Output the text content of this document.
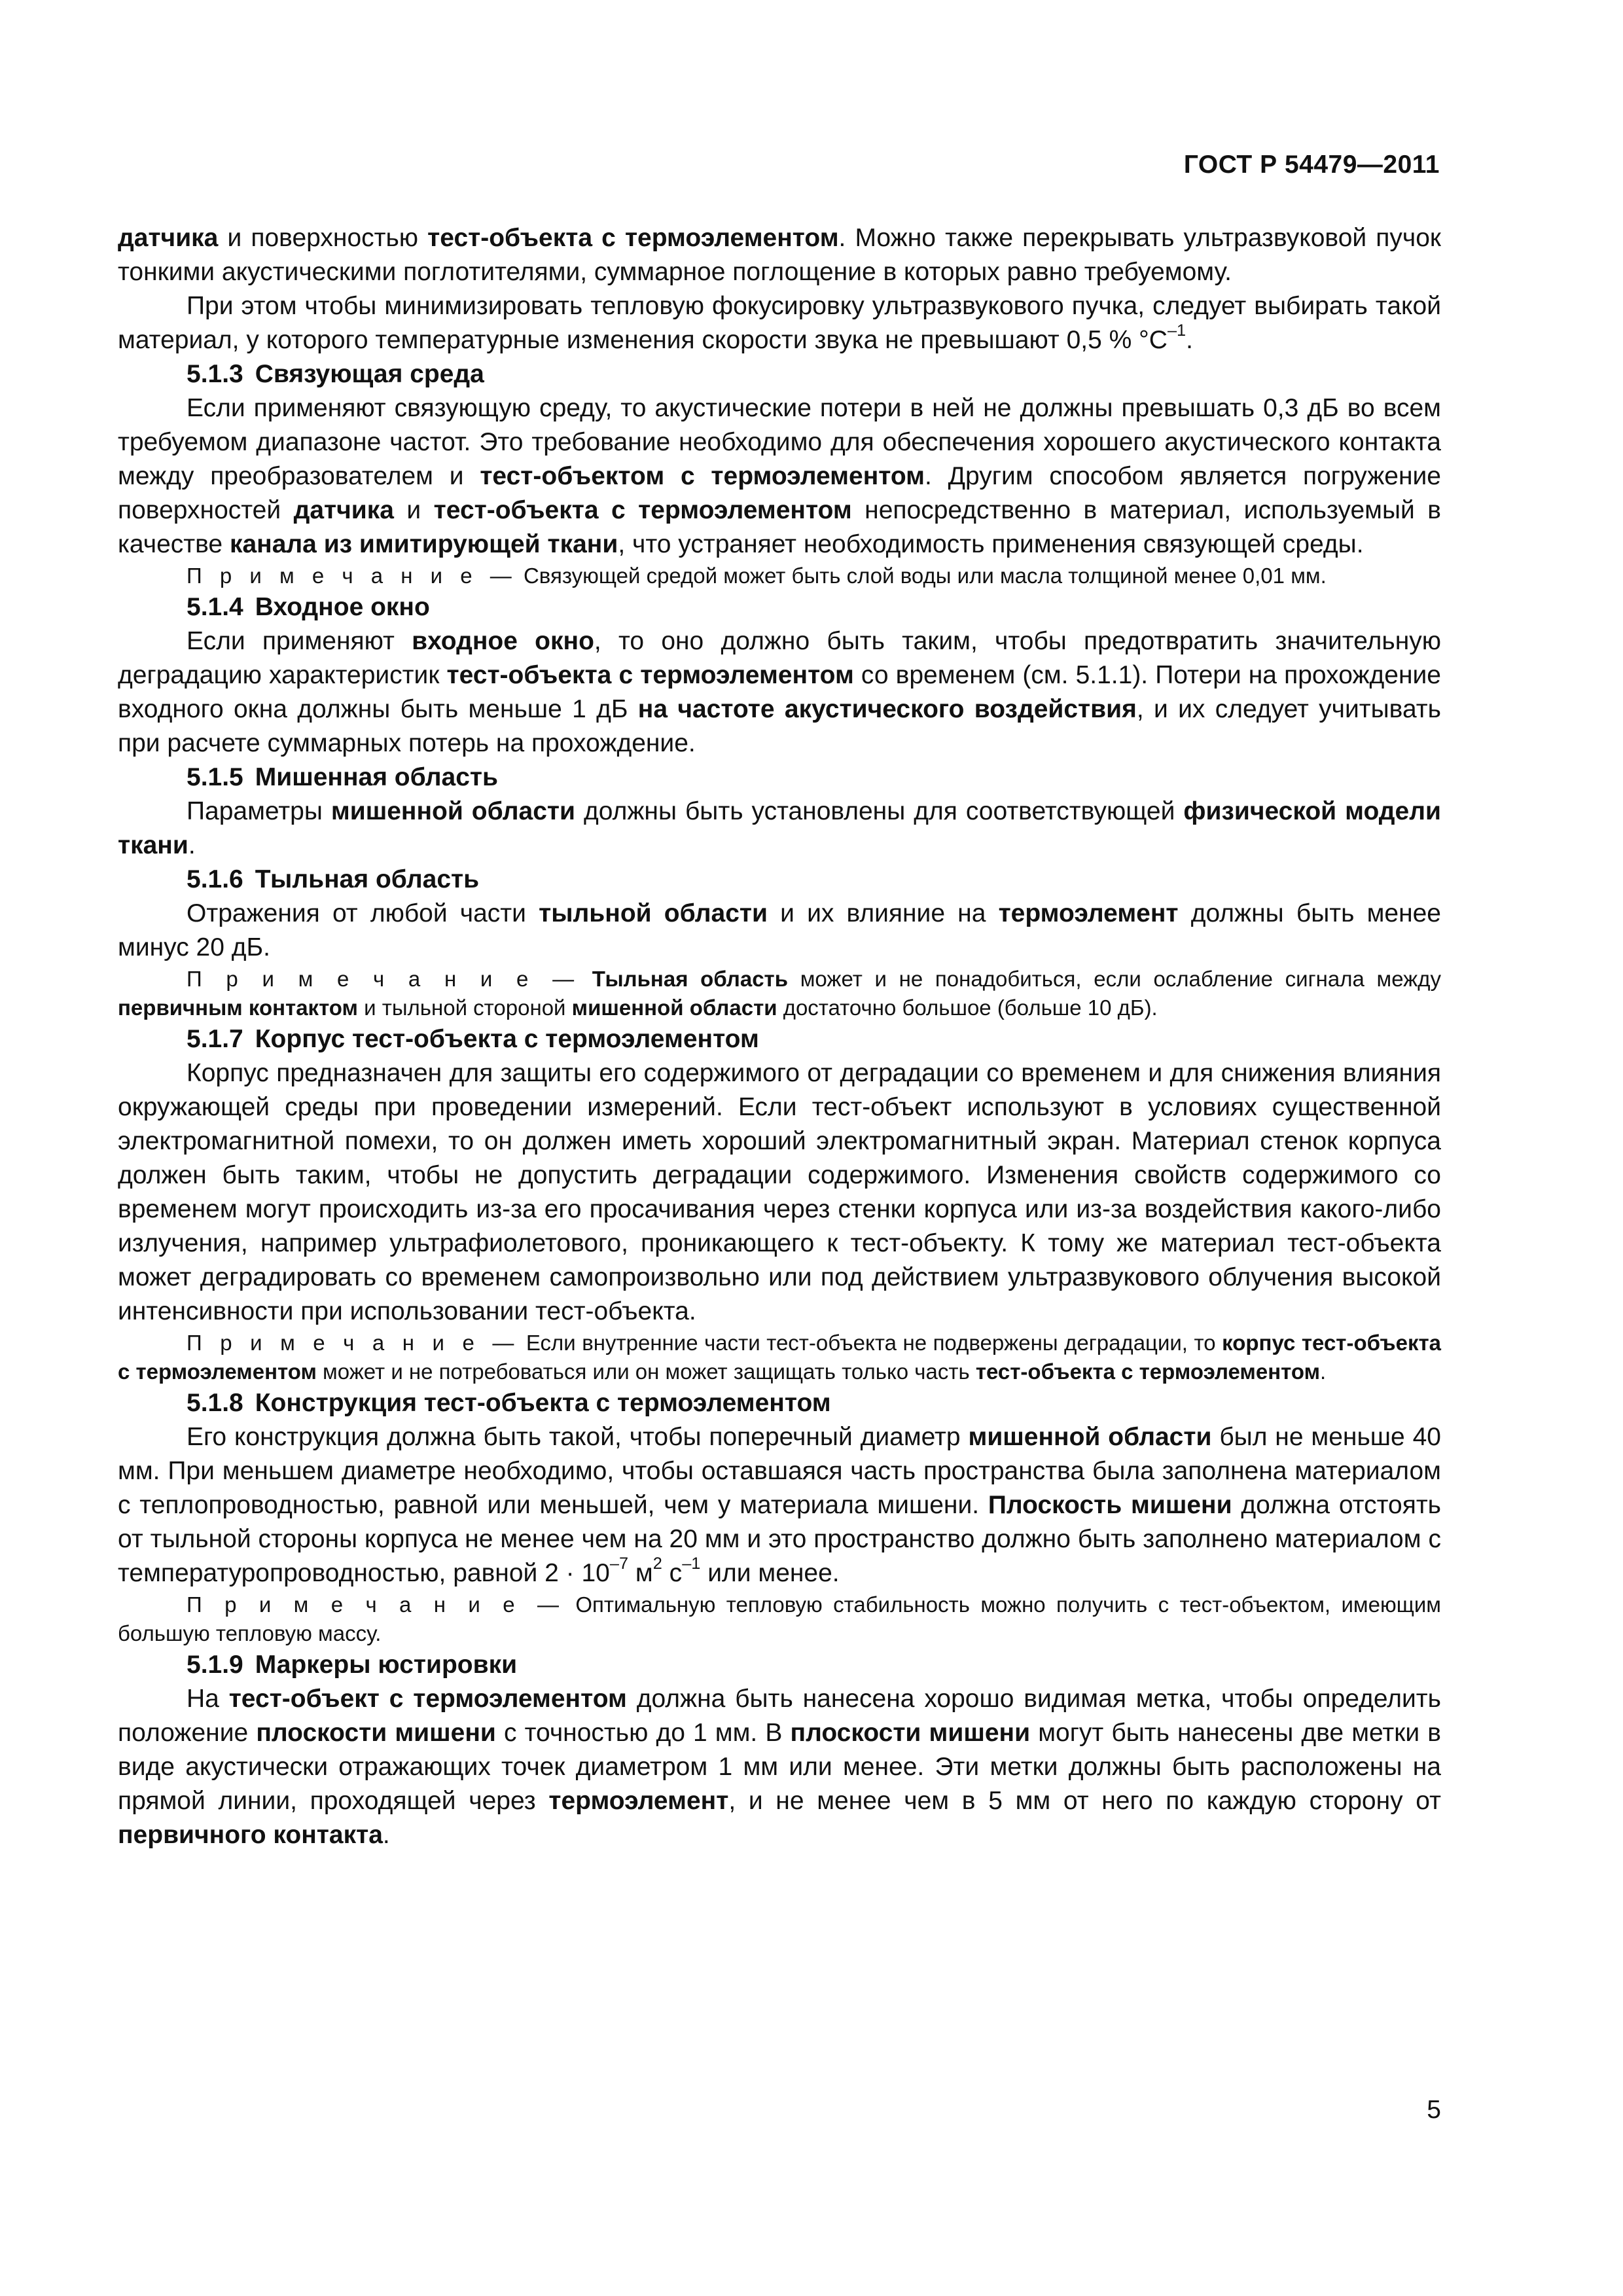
ГОСТ Р 54479—2011

датчика и поверхностью тест-объекта с термоэлементом. Можно также перекрывать ультразвуковой пучок тонкими акустическими поглотителями, суммарное поглощение в которых равно требуемому.

При этом чтобы минимизировать тепловую фокусировку ультразвукового пучка, следует выбирать такой материал, у которого температурные изменения скорости звука не превышают 0,5 % $^\circ C^{-1}$.

5.1.3 Связующая среда

Если применяют связующую среду, то акустические потери в ней не должны превышать 0,3 дБ во всем требуемом диапазоне частот. Это требование необходимо для обеспечения хорошего акустического контакта между преобразователем и тест-объектом с термоэлементом. Другим способом является погружение поверхностей датчика и тест-объекта с термоэлементом непосредственно в материал, используемый в качестве канала из имитирующей ткани, что устраняет необходимость применения связующей среды.

П р и м е ч а н и е — Связующей средой может быть слой воды или масла толщиной менее 0,01 мм.

5.1.4 Входное окно

Если применяют входное окно, то оно должно быть таким, чтобы предотвратить значительную деградацию характеристик тест-объекта с термоэлементом со временем (см. 5.1.1). Потери на прохождение входного окна должны быть меньше 1 дБ на частоте акустического воздействия, и их следует учитывать при расчете суммарных потерь на прохождение.

5.1.5 Мишенная область

Параметры мишенной области должны быть установлены для соответствующей физической модели ткани.

5.1.6 Тыльная область

Отражения от любой части тыльной области и их влияние на термоэлемент должны быть менее минус 20 дБ.

П р и м е ч а н и е — Тыльная область может и не понадобиться, если ослабление сигнала между первичным контактом и тыльной стороной мишенной области достаточно большое (больше 10 дБ).

5.1.7 Корпус тест-объекта с термоэлементом

Корпус предназначен для защиты его содержимого от деградации со временем и для снижения влияния окружающей среды при проведении измерений. Если тест-объект используют в условиях существенной электромагнитной помехи, то он должен иметь хороший электромагнитный экран. Материал стенок корпуса должен быть таким, чтобы не допустить деградации содержимого. Изменения свойств содержимого со временем могут происходить из-за его просачивания через стенки корпуса или из-за воздействия какого-либо излучения, например ультрафиолетового, проникающего к тест-объекту. К тому же материал тест-объекта может деградировать со временем самопроизвольно или под действием ультразвукового облучения высокой интенсивности при использовании тест-объекта.

П р и м е ч а н и е — Если внутренние части тест-объекта не подвержены деградации, то корпус тест-объекта с термоэлементом может и не потребоваться или он может защищать только часть тест-объекта с термоэлементом.

5.1.8 Конструкция тест-объекта с термоэлементом

Его конструкция должна быть такой, чтобы поперечный диаметр мишенной области был не меньше 40 мм. При меньшем диаметре необходимо, чтобы оставшаяся часть пространства была заполнена материалом с теплопроводностью, равной или меньшей, чем у материала мишени. Плоскость мишени должна отстоять от тыльной стороны корпуса не менее чем на 20 мм и это пространство должно быть заполнено материалом с температуропроводностью, равной $2 \cdot 10^{-7}$ $м^2$ $с^{-1}$ или менее.

П р и м е ч а н и е — Оптимальную тепловую стабильность можно получить с тест-объектом, имеющим большую тепловую массу.

5.1.9 Маркеры юстировки

На тест-объект с термоэлементом должна быть нанесена хорошо видимая метка, чтобы определить положение плоскости мишени с точностью до 1 мм. В плоскости мишени могут быть нанесены две метки в виде акустически отражающих точек диаметром 1 мм или менее. Эти метки должны быть расположены на прямой линии, проходящей через термоэлемент, и не менее чем в 5 мм от него по каждую сторону от первичного контакта.

5
